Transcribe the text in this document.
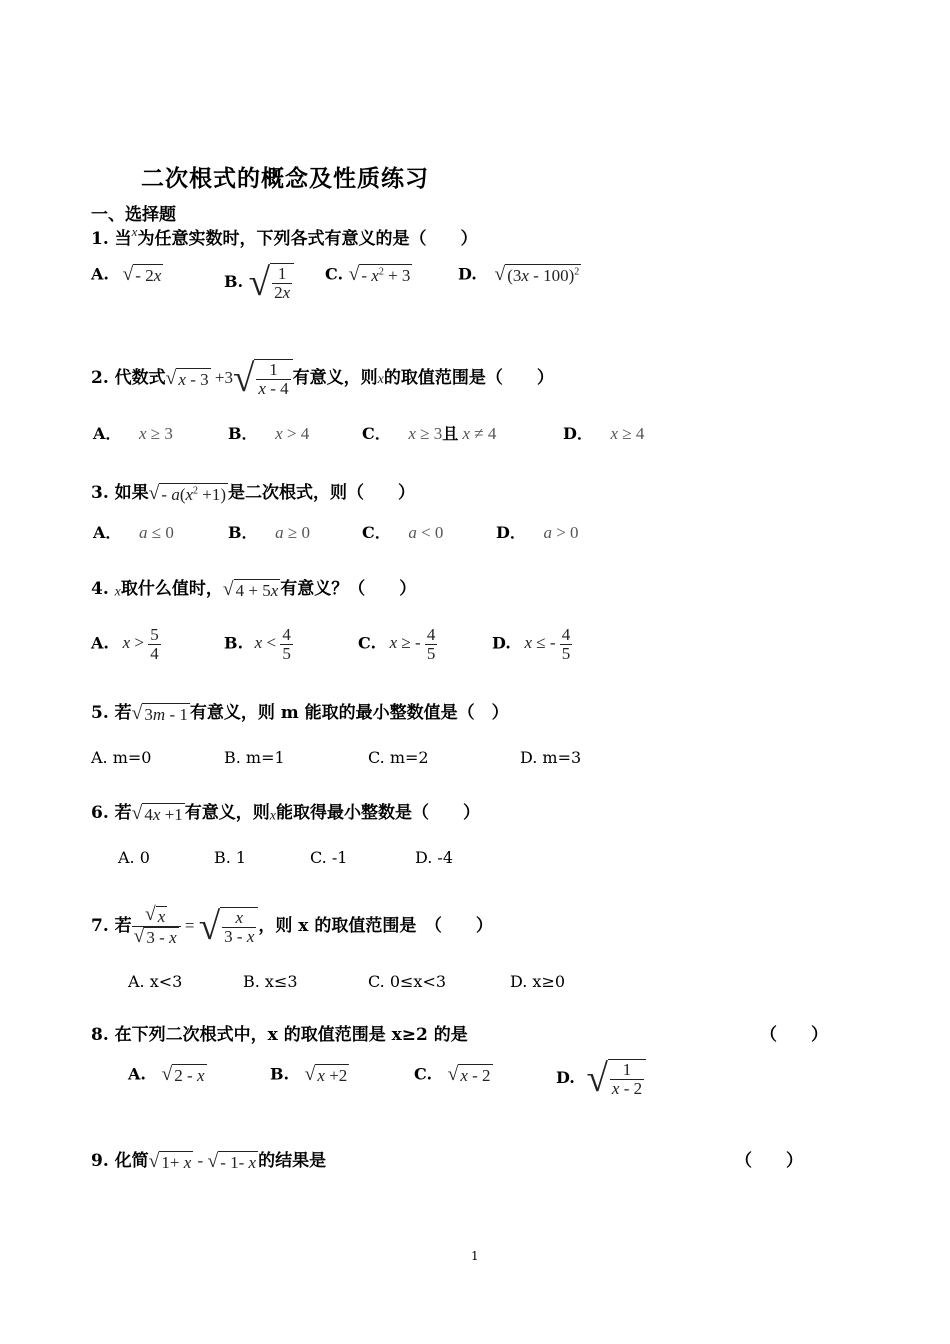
二次根式的概念及性质练习
一、选择题
1. 当$^x$为任意实数时，下列各式有意义的是（　　）
A. √ - 2x	B. √ $\frac{1}{2x} C$. √ - $x^2 + 3$	D. √ (3x - 100)$^2$
2. 代数式√ $x - 3 +3√ \frac{1}{x - 4}$ 有意义，则x的取值范围是（　　）
A． x ≥ 3	B． x > 4	C． x ≥ 3且 x ≠ 4	D． x ≥ 4
3. 如果√ - $a(x^2 +1)$ 是二次根式，则（　　）
A． a ≤ 0	B． a ≥ 0	C． a < 0	D． a > 0
4. x取什么值时，√ 4 + 5x 有意义？（　　）
A. $x > \frac{5}{4}$	B. $x < \frac{4}{5}$	C. x ≥ - $\frac{4}{5}$	D. x ≤ - $\frac{4}{5}$
5. 若√ 3m - 1 有意义，则 m 能取的最小整数值是（　）
A. m=0	B. m=1	C. m=2	D. m=3
6. 若√ 4x +1 有意义，则x能取得最小整数是（　　）
A. 0	B. 1	C. -1	D. -4
7. 若 $\frac{√ x}{√ 3 - x}$ = √ $\frac{x}{3 - x}$ ，则 x 的取值范围是　（　　）
A. x<3	B. x≤3	C. 0≤x<3	D. x≥0
8. 在下列二次根式中，x 的取值范围是 x≥2 的是	（　　）
A. √ 2 - x	B. √ x +2	C. √ x - 2	D. √ $\frac{1}{x - 2}$
9. 化简√ 1+ x - √ - 1- x 的结果是	（　　）
1
